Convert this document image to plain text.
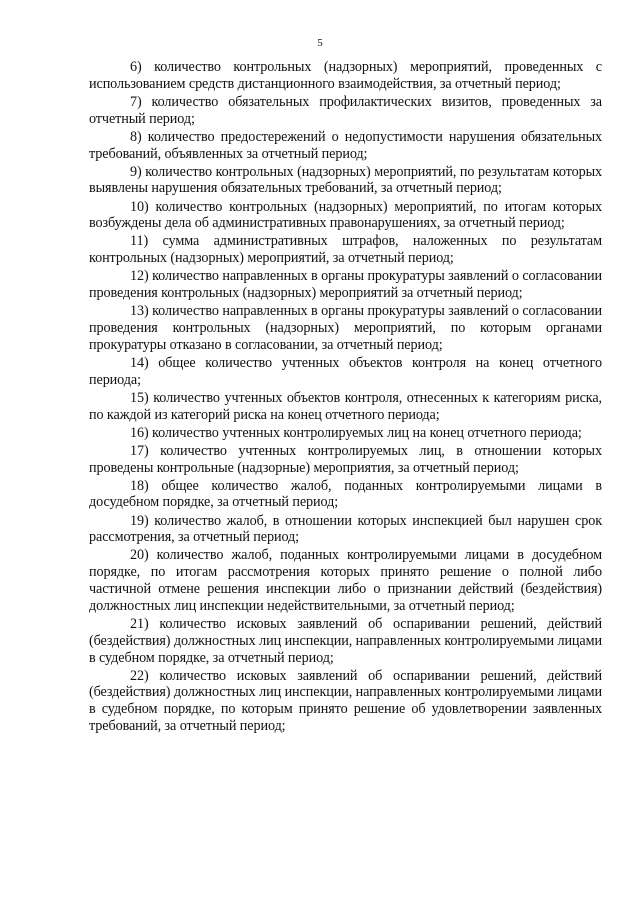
5

6) количество контрольных (надзорных) мероприятий, проведенных с использованием средств дистанционного взаимодействия, за отчетный период;

7) количество обязательных профилактических визитов, проведенных за отчетный период;

8) количество предостережений о недопустимости нарушения обязательных требований, объявленных за отчетный период;

9) количество контрольных (надзорных) мероприятий, по результатам которых выявлены нарушения обязательных требований, за отчетный период;

10) количество контрольных (надзорных) мероприятий, по итогам которых возбуждены дела об административных правонарушениях, за отчетный период;

11) сумма административных штрафов, наложенных по результатам контрольных (надзорных) мероприятий, за отчетный период;

12) количество направленных в органы прокуратуры заявлений о согласовании проведения контрольных (надзорных) мероприятий за отчетный период;

13) количество направленных в органы прокуратуры заявлений о согласовании проведения контрольных (надзорных) мероприятий, по которым органами прокуратуры отказано в согласовании, за отчетный период;

14) общее количество учтенных объектов контроля на конец отчетного периода;

15) количество учтенных объектов контроля, отнесенных к категориям риска, по каждой из категорий риска на конец отчетного периода;

16) количество учтенных контролируемых лиц на конец отчетного периода;

17) количество учтенных контролируемых лиц, в отношении которых проведены контрольные (надзорные) мероприятия, за отчетный период;

18) общее количество жалоб, поданных контролируемыми лицами в досудебном порядке, за отчетный период;

19) количество жалоб, в отношении которых инспекцией был нарушен срок рассмотрения, за отчетный период;

20) количество жалоб, поданных контролируемыми лицами в досудебном порядке, по итогам рассмотрения которых принято решение о полной либо частичной отмене решения инспекции либо о признании действий (бездействия) должностных лиц инспекции недействительными, за отчетный период;

21) количество исковых заявлений об оспаривании решений, действий (бездействия) должностных лиц инспекции, направленных контролируемыми лицами в судебном порядке, за отчетный период;

22) количество исковых заявлений об оспаривании решений, действий (бездействия) должностных лиц инспекции, направленных контролируемыми лицами в судебном порядке, по которым принято решение об удовлетворении заявленных требований, за отчетный период;
